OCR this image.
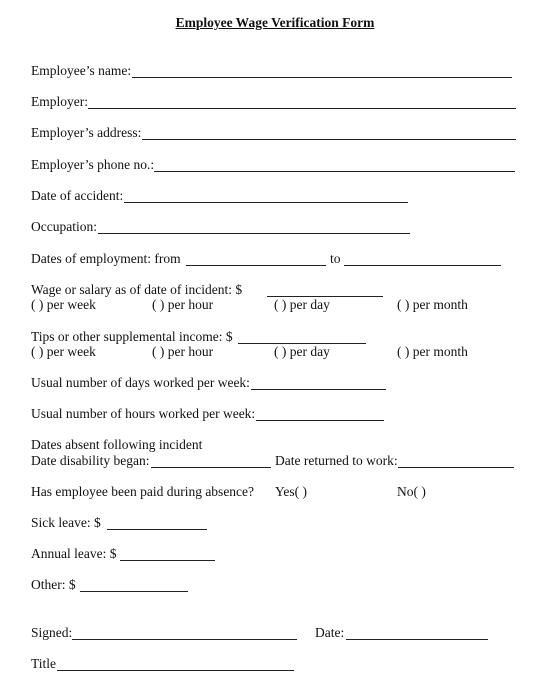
Employee Wage Verification Form
Employee’s name:
Employer:
Employer’s address:
Employer’s phone no.:
Date of accident:
Occupation:
Dates of employment: from	to
Wage or salary as of date of incident: $
( ) per week	( ) per hour	( ) per day	( ) per month
Tips or other supplemental income: $
( ) per week	( ) per hour	( ) per day	( ) per month
Usual number of days worked per week:
Usual number of hours worked per week:
Dates absent following incident
Date disability began:	Date returned to work:
Has employee been paid during absence? Yes( )	No( )
Sick leave: $
Annual leave: $
Other: $
Signed:	Date:
Title
